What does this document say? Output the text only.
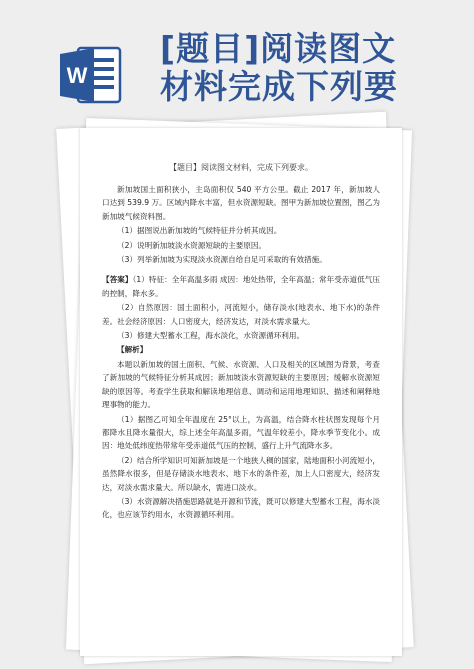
W
[题目]阅读图文
材料完成下列要
【题目】阅读图文材料，完成下列要求。

新加坡国土面积狭小，主岛面积仅 540 平方公里。截止 2017 年，新加坡人口达到 539.9 万。区域内降水丰富，但水资源短缺。图甲为新加坡位置图，图乙为新加坡气候资料图。

（1）据图说出新加坡的气候特征并分析其成因。

（2）说明新加坡淡水资源短缺的主要原因。

（3）列举新加坡为实现淡水资源自给自足可采取的有效措施。

【答案】（1）特征：全年高温多雨 成因：地处热带，全年高温；常年受赤道低气压的控制，降水多。

（2）自然原因：国土面积小，河流短小，储存淡水(地表水、地下水)的条件差。社会经济原因：人口密度大，经济发达，对淡水需求量大。

（3）修建大型蓄水工程，海水淡化，水资源循环利用。

【解析】

本题以新加坡的国土面积、气候、水资源、人口及相关的区域图为背景，考查了新加坡的气候特征分析其成因；新加坡淡水资源短缺的主要原因；缓解水资源短缺的原因等。考查学生获取和解读地理信息、调动和运用地理知识、描述和阐释地理事物的能力。

（1）据图乙可知全年温度在 25°以上，为高温，结合降水柱状图发现每个月都降水且降水量很大，综上述全年高温多雨，气温年较差小，降水季节变化小。成因：地处低纬度热带常年受赤道低气压的控制，盛行上升气流降水多。

（2）结合所学知识可知新加坡是一个地狭人稠的国家，陆地面积小河流短小，虽然降水很多，但是存储淡水地表水、地下水的条件差，加上人口密度大，经济发达，对淡水需求量大。所以缺水，需进口淡水。

（3）水资源解决措施思路就是开源和节流，既可以修建大型蓄水工程，海水淡化，也应该节约用水，水资源循环利用。
